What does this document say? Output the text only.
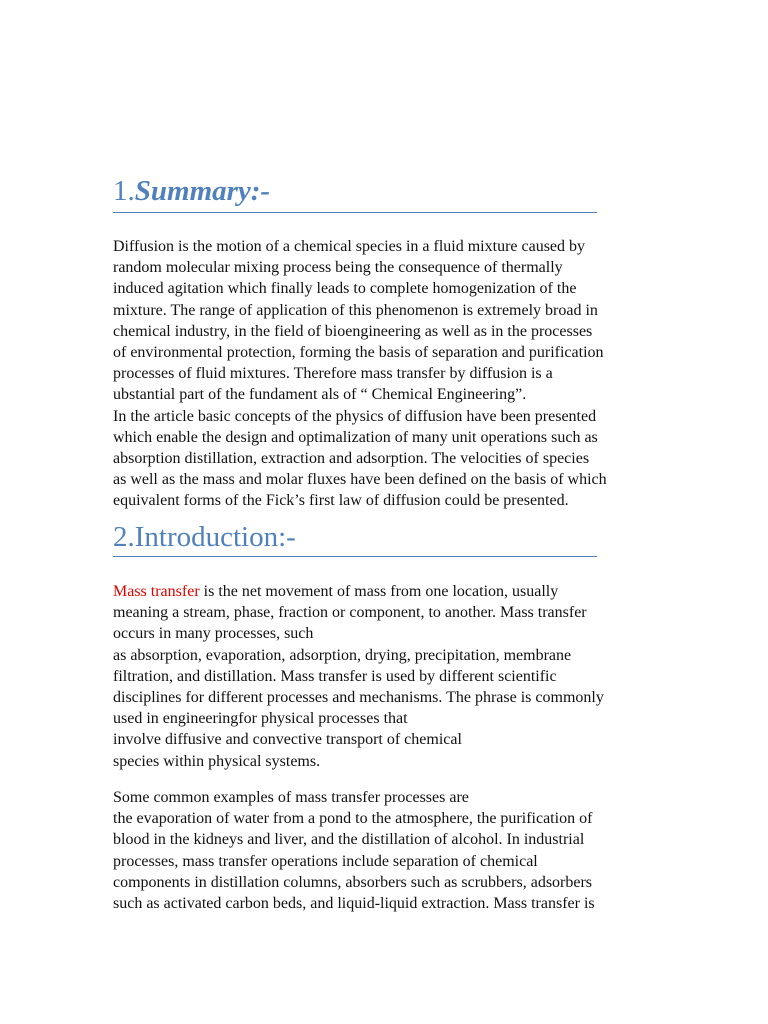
1.Summary:-
Diffusion is the motion of a chemical species in a fluid mixture caused by
random molecular mixing process being the consequence of thermally
induced agitation which finally leads to complete homogenization of the
mixture. The range of application of this phenomenon is extremely broad in
chemical industry, in the field of bioengineering as well as in the processes
of environmental protection, forming the basis of separation and purification
processes of fluid mixtures. Therefore mass transfer by diffusion is a
ubstantial part of the fundament als of “ Chemical Engineering”.
In the article basic concepts of the physics of diffusion have been presented
which enable the design and optimalization of many unit operations such as
absorption distillation, extraction and adsorption. The velocities of species
as well as the mass and molar fluxes have been defined on the basis of which
equivalent forms of the Fick’s first law of diffusion could be presented.
2.Introduction:-
Mass transfer is the net movement of mass from one location, usually
meaning a stream, phase, fraction or component, to another. Mass transfer
occurs in many processes, such
as absorption, evaporation, adsorption, drying, precipitation, membrane
filtration, and distillation. Mass transfer is used by different scientific
disciplines for different processes and mechanisms. The phrase is commonly
used in engineeringfor physical processes that
involve diffusive and convective transport of chemical
species within physical systems.
Some common examples of mass transfer processes are
the evaporation of water from a pond to the atmosphere, the purification of
blood in the kidneys and liver, and the distillation of alcohol. In industrial
processes, mass transfer operations include separation of chemical
components in distillation columns, absorbers such as scrubbers, adsorbers
such as activated carbon beds, and liquid-liquid extraction. Mass transfer is
